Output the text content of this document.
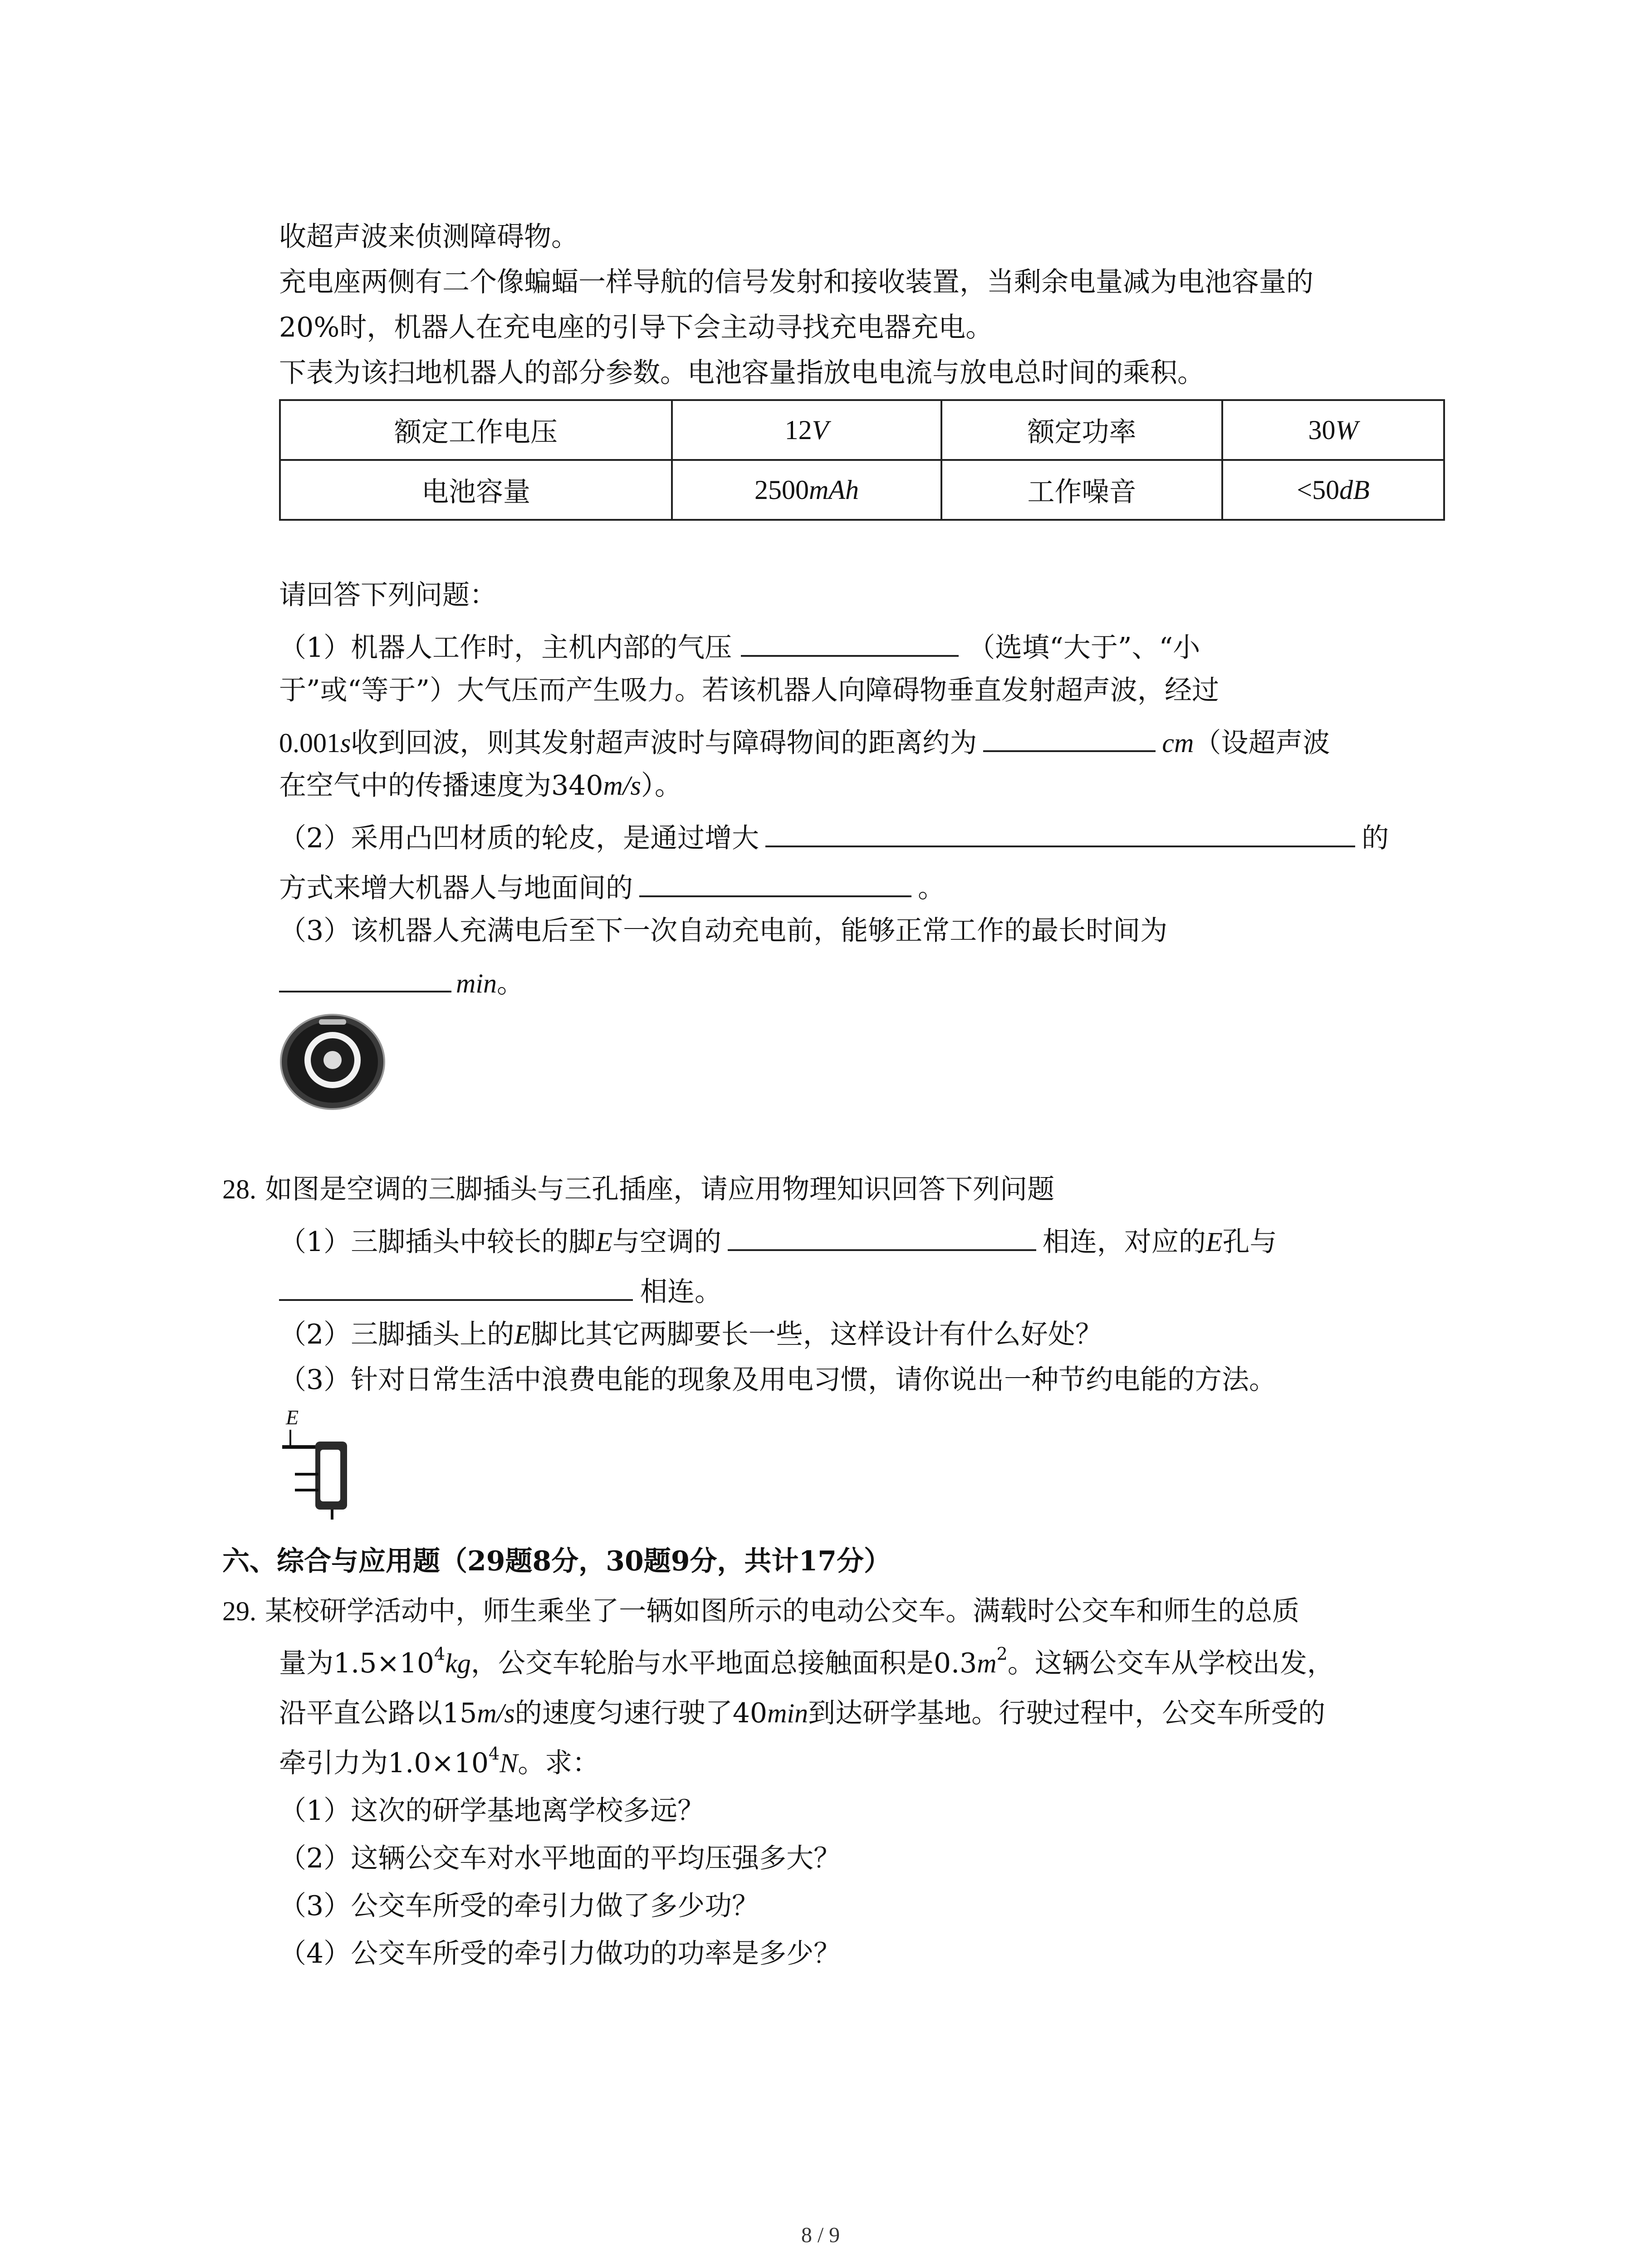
收超声波来侦测障碍物。
充电座两侧有二个像蝙蝠一样导航的信号发射和接收装置，当剩余电量减为电池容量的
20%时，机器人在充电座的引导下会主动寻找充电器充电。
下表为该扫地机器人的部分参数。电池容量指放电电流与放电总时间的乘积。
额定工作电压	12V	额定功率	30W
电池容量	2500mAh	工作噪音	<50dB
请回答下列问题：
（1）机器人工作时，主机内部的气压	（选填“大于”、“小
于”或“等于”）大气压而产生吸力。若该机器人向障碍物垂直发射超声波，经过
0.001s收到回波，则其发射超声波时与障碍物间的距离约为	cm（设超声波
在空气中的传播速度为340m/s）。
（2）采用凸凹材质的轮皮，是通过增大	的
方式来增大机器人与地面间的	。
（3）该机器人充满电后至下一次自动充电前，能够正常工作的最长时间为
min。
28. 如图是空调的三脚插头与三孔插座，请应用物理知识回答下列问题
（1）三脚插头中较长的脚E与空调的	相连，对应的E孔与
相连。
（2）三脚插头上的E脚比其它两脚要长一些，这样设计有什么好处？
（3）针对日常生活中浪费电能的现象及用电习惯，请你说出一种节约电能的方法。
E
六、综合与应用题（29题8分，30题9分，共计17分）
29. 某校研学活动中，师生乘坐了一辆如图所示的电动公交车。满载时公交车和师生的总质
量为$1.5\times 10^4kg$，公交车轮胎与水平地面总接触面积是$0.3m^2$。这辆公交车从学校出发，
沿平直公路以15m/s的速度匀速行驶了40min到达研学基地。行驶过程中，公交车所受的
牵引力为$1.0\times 10^4N$。求：
（1）这次的研学基地离学校多远？
（2）这辆公交车对水平地面的平均压强多大？
（3）公交车所受的牵引力做了多少功？
（4）公交车所受的牵引力做功的功率是多少？
8 / 9
